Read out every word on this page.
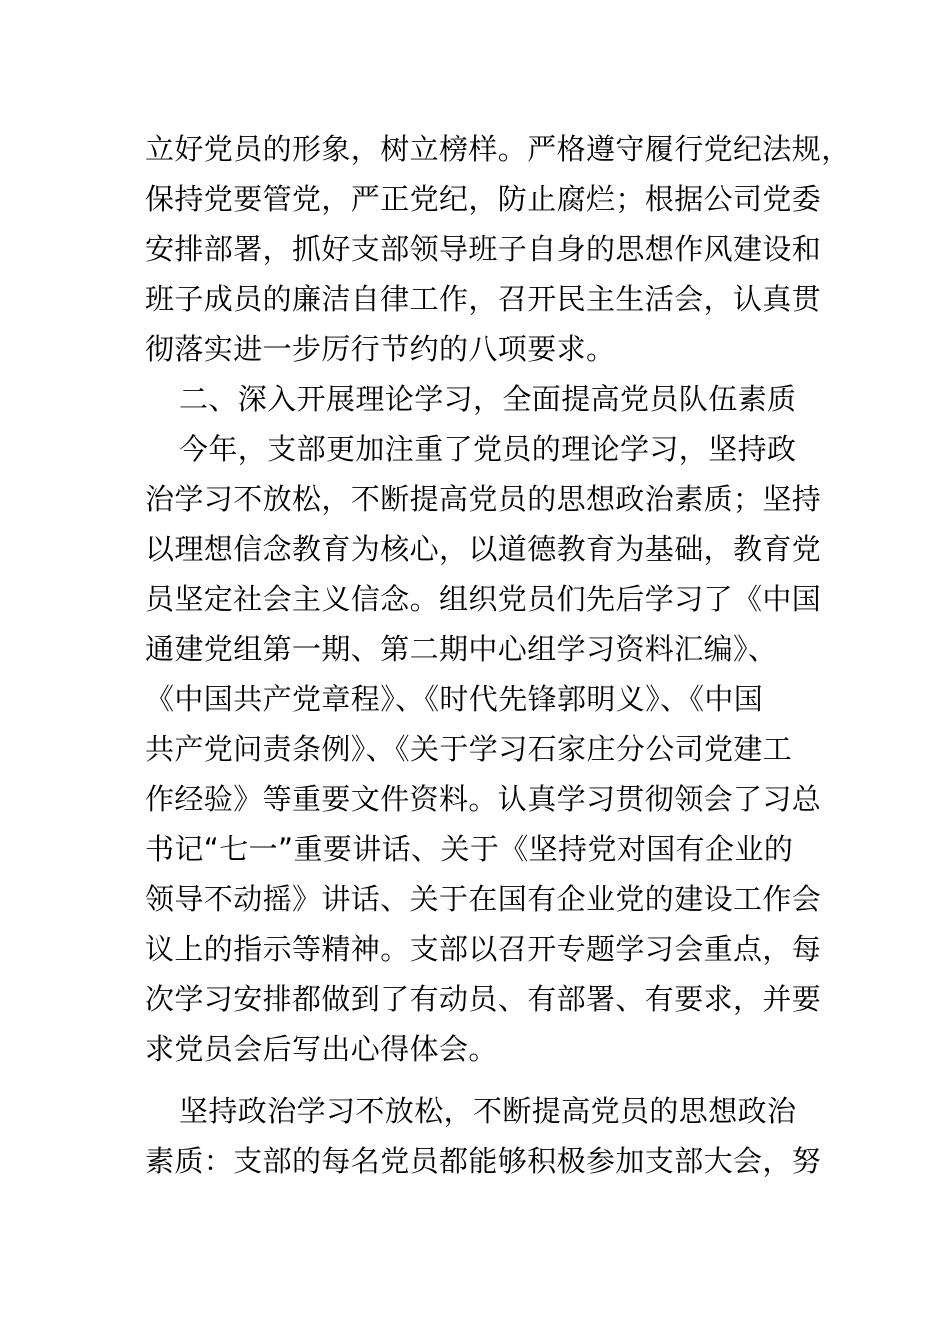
立好党员的形象，树立榜样。严格遵守履行党纪法规，
保持党要管党，严正党纪，防止腐烂；根据公司党委
安排部署，抓好支部领导班子自身的思想作风建设和
班子成员的廉洁自律工作，召开民主生活会，认真贯
彻落实进一步厉行节约的八项要求。
二、深入开展理论学习，全面提高党员队伍素质
今年，支部更加注重了党员的理论学习，坚持政
治学习不放松，不断提高党员的思想政治素质；坚持
以理想信念教育为核心，以道德教育为基础，教育党
员坚定社会主义信念。组织党员们先后学习了《中国
通建党组第一期、第二期中心组学习资料汇编》、
《中国共产党章程》、《时代先锋郭明义》、《中国
共产党问责条例》、《关于学习石家庄分公司党建工
作经验》等重要文件资料。认真学习贯彻领会了习总
书记“七一”重要讲话、关于《坚持党对国有企业的
领导不动摇》讲话、关于在国有企业党的建设工作会
议上的指示等精神。支部以召开专题学习会重点，每
次学习安排都做到了有动员、有部署、有要求，并要
求党员会后写出心得体会。
坚持政治学习不放松，不断提高党员的思想政治
素质：支部的每名党员都能够积极参加支部大会，努
